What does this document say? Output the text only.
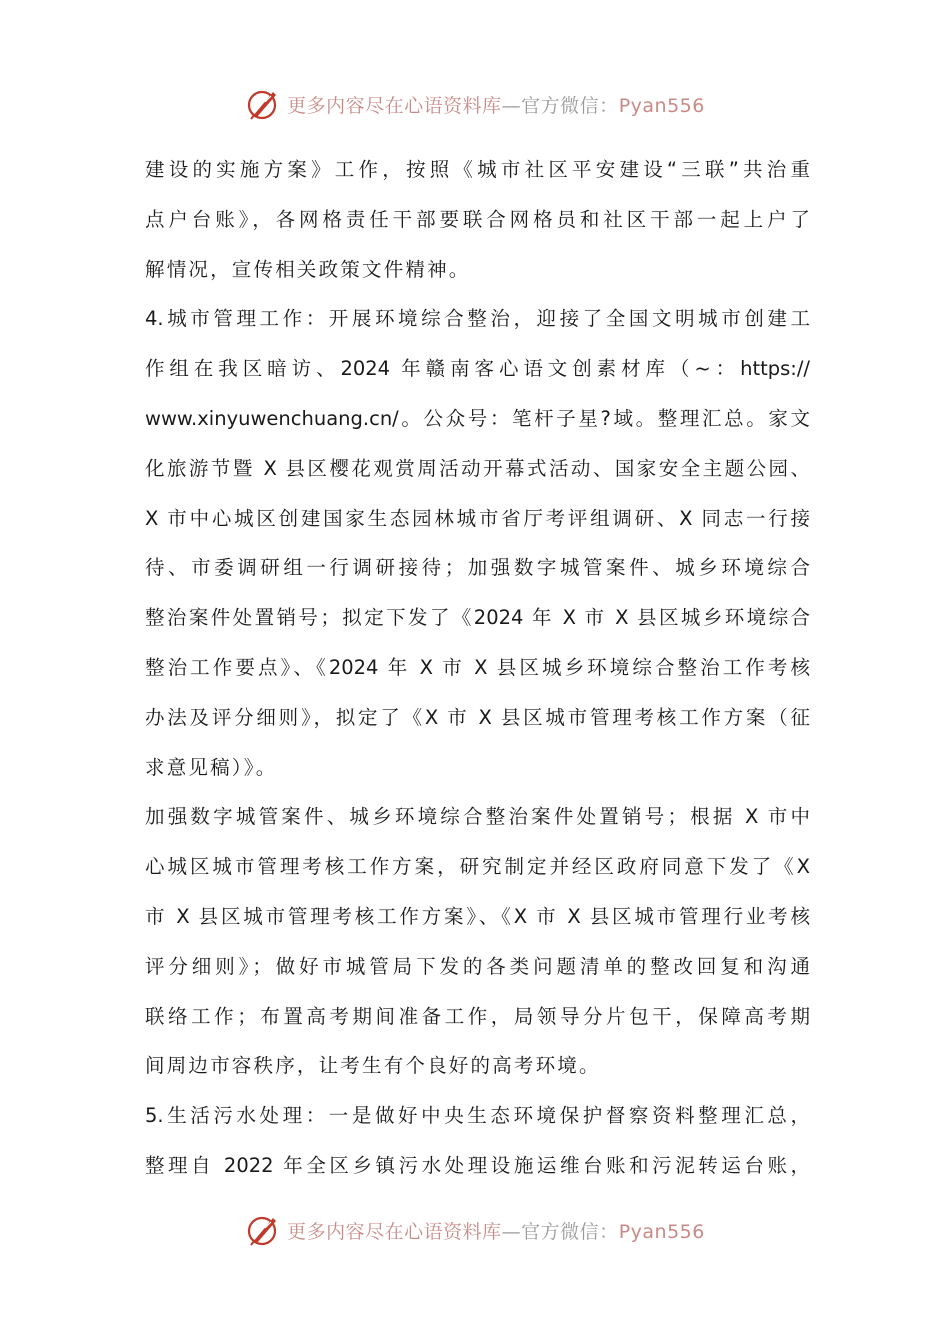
更多内容尽在心语资料库—官方微信：Pyan556
建设的实施方案》工作，按照《城市社区平安建设“三联”共治重
点户台账》，各网格责任干部要联合网格员和社区干部一起上户了
解情况，宣传相关政策文件精神。
4.城市管理工作：开展环境综合整治，迎接了全国文明城市创建工
作组在我区暗访、2024 年赣南客心语文创素材库（~：https://
www.xinyuwenchuang.cn/。公众号：笔杆子星?域。整理汇总。家文
化旅游节暨 X 县区樱花观赏周活动开幕式活动、国家安全主题公园、
X 市中心城区创建国家生态园林城市省厅考评组调研、X 同志一行接
待、市委调研组一行调研接待；加强数字城管案件、城乡环境综合
整治案件处置销号；拟定下发了《2024 年 X 市 X 县区城乡环境综合
整治工作要点》、《2024 年 X 市 X 县区城乡环境综合整治工作考核
办法及评分细则》，拟定了《X 市 X 县区城市管理考核工作方案（征
求意见稿）》。
加强数字城管案件、城乡环境综合整治案件处置销号；根据 X 市中
心城区城市管理考核工作方案，研究制定并经区政府同意下发了《X
市 X 县区城市管理考核工作方案》、《X 市 X 县区城市管理行业考核
评分细则》；做好市城管局下发的各类问题清单的整改回复和沟通
联络工作；布置高考期间准备工作，局领导分片包干，保障高考期
间周边市容秩序，让考生有个良好的高考环境。
5.生活污水处理：一是做好中央生态环境保护督察资料整理汇总，
整理自 2022 年全区乡镇污水处理设施运维台账和污泥转运台账，
更多内容尽在心语资料库—官方微信：Pyan556
